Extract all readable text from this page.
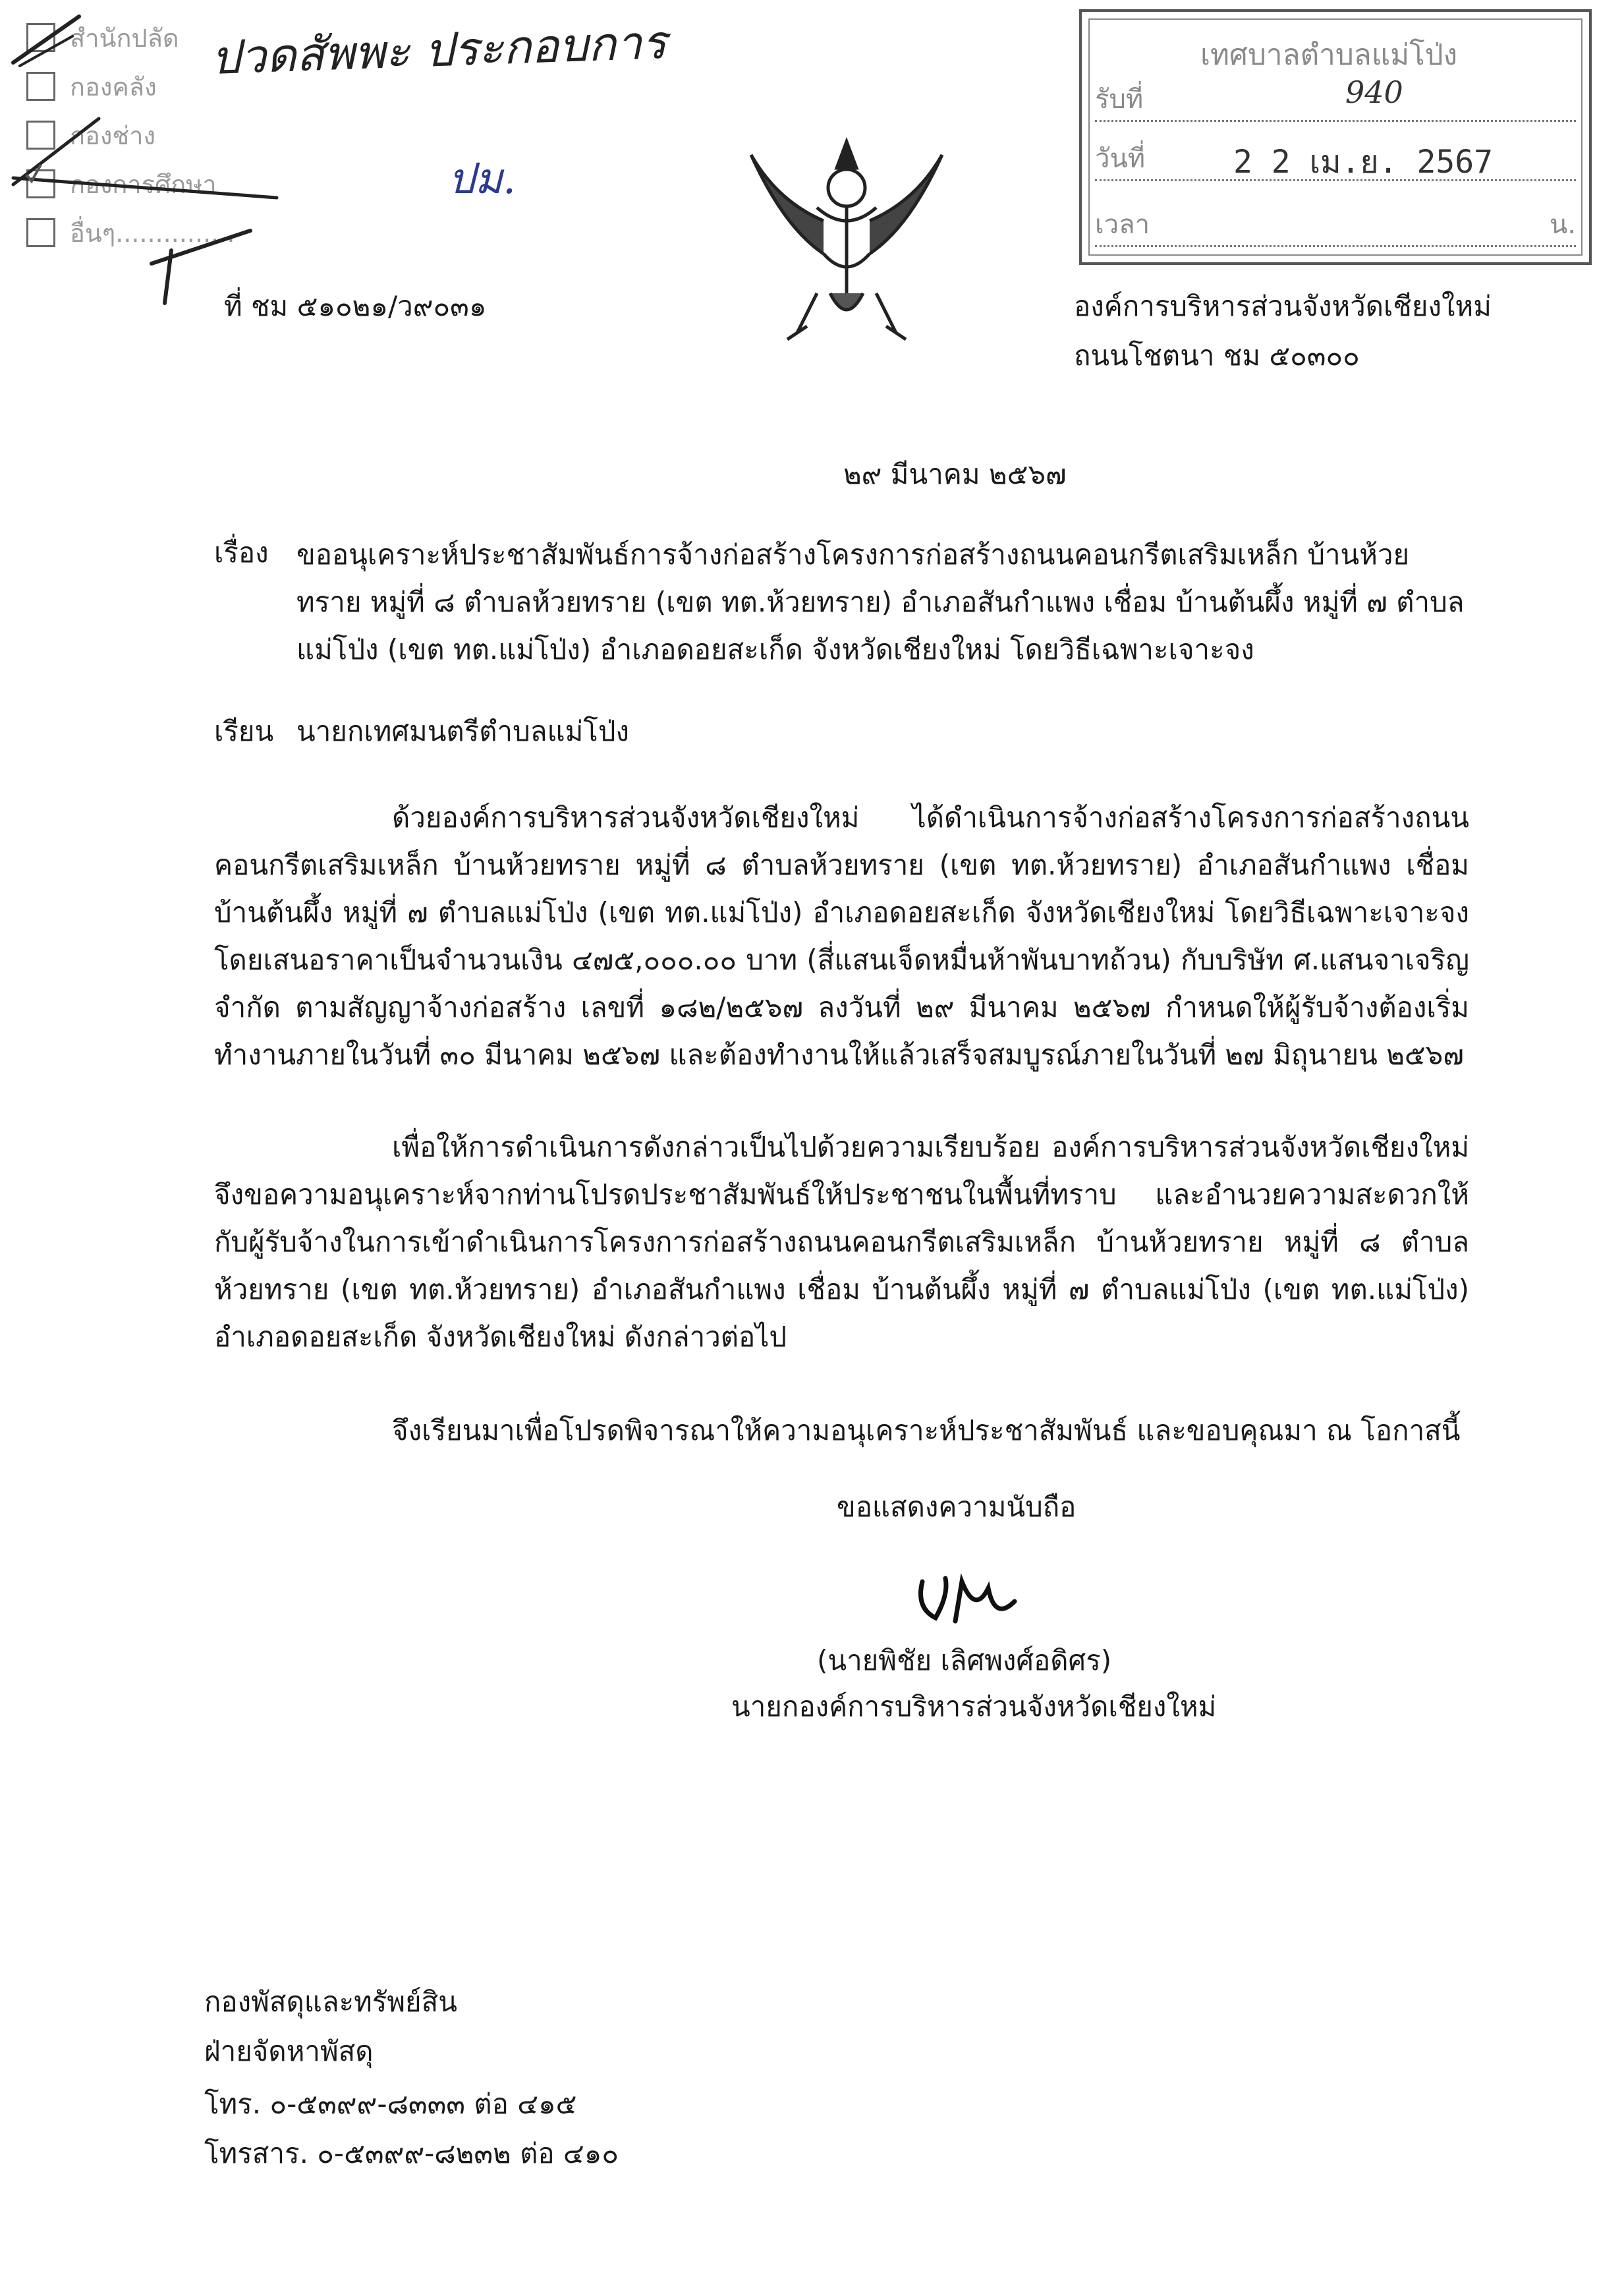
สำนักปลัด
กองคลัง
กองช่าง
กองการศึกษา
อื่นๆ...............
ปวดสัพพะ ประกอบการ
ปม.
เทศบาลตำบลแม่โป่ง
รับที่	940
วันที่	2 2 เม.ย. 2567
เวลา	น.
ที่ ชม ๕๑๐๒๑/ว๙๐๓๑	องค์การบริหารส่วนจังหวัดเชียงใหม่
ถนนโชตนา ชม ๕๐๓๐๐
๒๙ มีนาคม ๒๕๖๗
เรื่อง ขออนุเคราะห์ประชาสัมพันธ์การจ้างก่อสร้างโครงการก่อสร้างถนนคอนกรีตเสริมเหล็ก บ้านห้วยทราย หมู่ที่ ๘ ตำบลห้วยทราย (เขต ทต.ห้วยทราย) อำเภอสันกำแพง เชื่อม บ้านต้นผึ้ง หมู่ที่ ๗ ตำบลแม่โป่ง (เขต ทต.แม่โป่ง) อำเภอดอยสะเก็ด จังหวัดเชียงใหม่ โดยวิธีเฉพาะเจาะจง
เรียน นายกเทศมนตรีตำบลแม่โป่ง
ด้วยองค์การบริหารส่วนจังหวัดเชียงใหม่ ได้ดำเนินการจ้างก่อสร้างโครงการก่อสร้างถนนคอนกรีตเสริมเหล็ก บ้านห้วยทราย หมู่ที่ ๘ ตำบลห้วยทราย (เขต ทต.ห้วยทราย) อำเภอสันกำแพง เชื่อม บ้านต้นผึ้ง หมู่ที่ ๗ ตำบลแม่โป่ง (เขต ทต.แม่โป่ง) อำเภอดอยสะเก็ด จังหวัดเชียงใหม่ โดยวิธีเฉพาะเจาะจง โดยเสนอราคาเป็นจำนวนเงิน ๔๗๕,๐๐๐.๐๐ บาท (สี่แสนเจ็ดหมื่นห้าพันบาทถ้วน) กับบริษัท ศ.แสนจาเจริญ จำกัด ตามสัญญาจ้างก่อสร้าง เลขที่ ๑๘๒/๒๕๖๗ ลงวันที่ ๒๙ มีนาคม ๒๕๖๗ กำหนดให้ผู้รับจ้างต้องเริ่มทำงานภายในวันที่ ๓๐ มีนาคม ๒๕๖๗ และต้องทำงานให้แล้วเสร็จสมบูรณ์ภายในวันที่ ๒๗ มิถุนายน ๒๕๖๗
เพื่อให้การดำเนินการดังกล่าวเป็นไปด้วยความเรียบร้อย องค์การบริหารส่วนจังหวัดเชียงใหม่ จึงขอความอนุเคราะห์จากท่านโปรดประชาสัมพันธ์ให้ประชาชนในพื้นที่ทราบ และอำนวยความสะดวกให้กับผู้รับจ้างในการเข้าดำเนินการโครงการก่อสร้างถนนคอนกรีตเสริมเหล็ก บ้านห้วยทราย หมู่ที่ ๘ ตำบลห้วยทราย (เขต ทต.ห้วยทราย) อำเภอสันกำแพง เชื่อม บ้านต้นผึ้ง หมู่ที่ ๗ ตำบลแม่โป่ง (เขต ทต.แม่โป่ง) อำเภอดอยสะเก็ด จังหวัดเชียงใหม่ ดังกล่าวต่อไป
จึงเรียนมาเพื่อโปรดพิจารณาให้ความอนุเคราะห์ประชาสัมพันธ์ และขอบคุณมา ณ โอกาสนี้
ขอแสดงความนับถือ
(นายพิชัย เลิศพงศ์อดิศร)
นายกองค์การบริหารส่วนจังหวัดเชียงใหม่
กองพัสดุและทรัพย์สิน
ฝ่ายจัดหาพัสดุ
โทร. ๐-๕๓๙๙-๘๓๓๓ ต่อ ๔๑๕
โทรสาร. ๐-๕๓๙๙-๘๒๓๒ ต่อ ๔๑๐
